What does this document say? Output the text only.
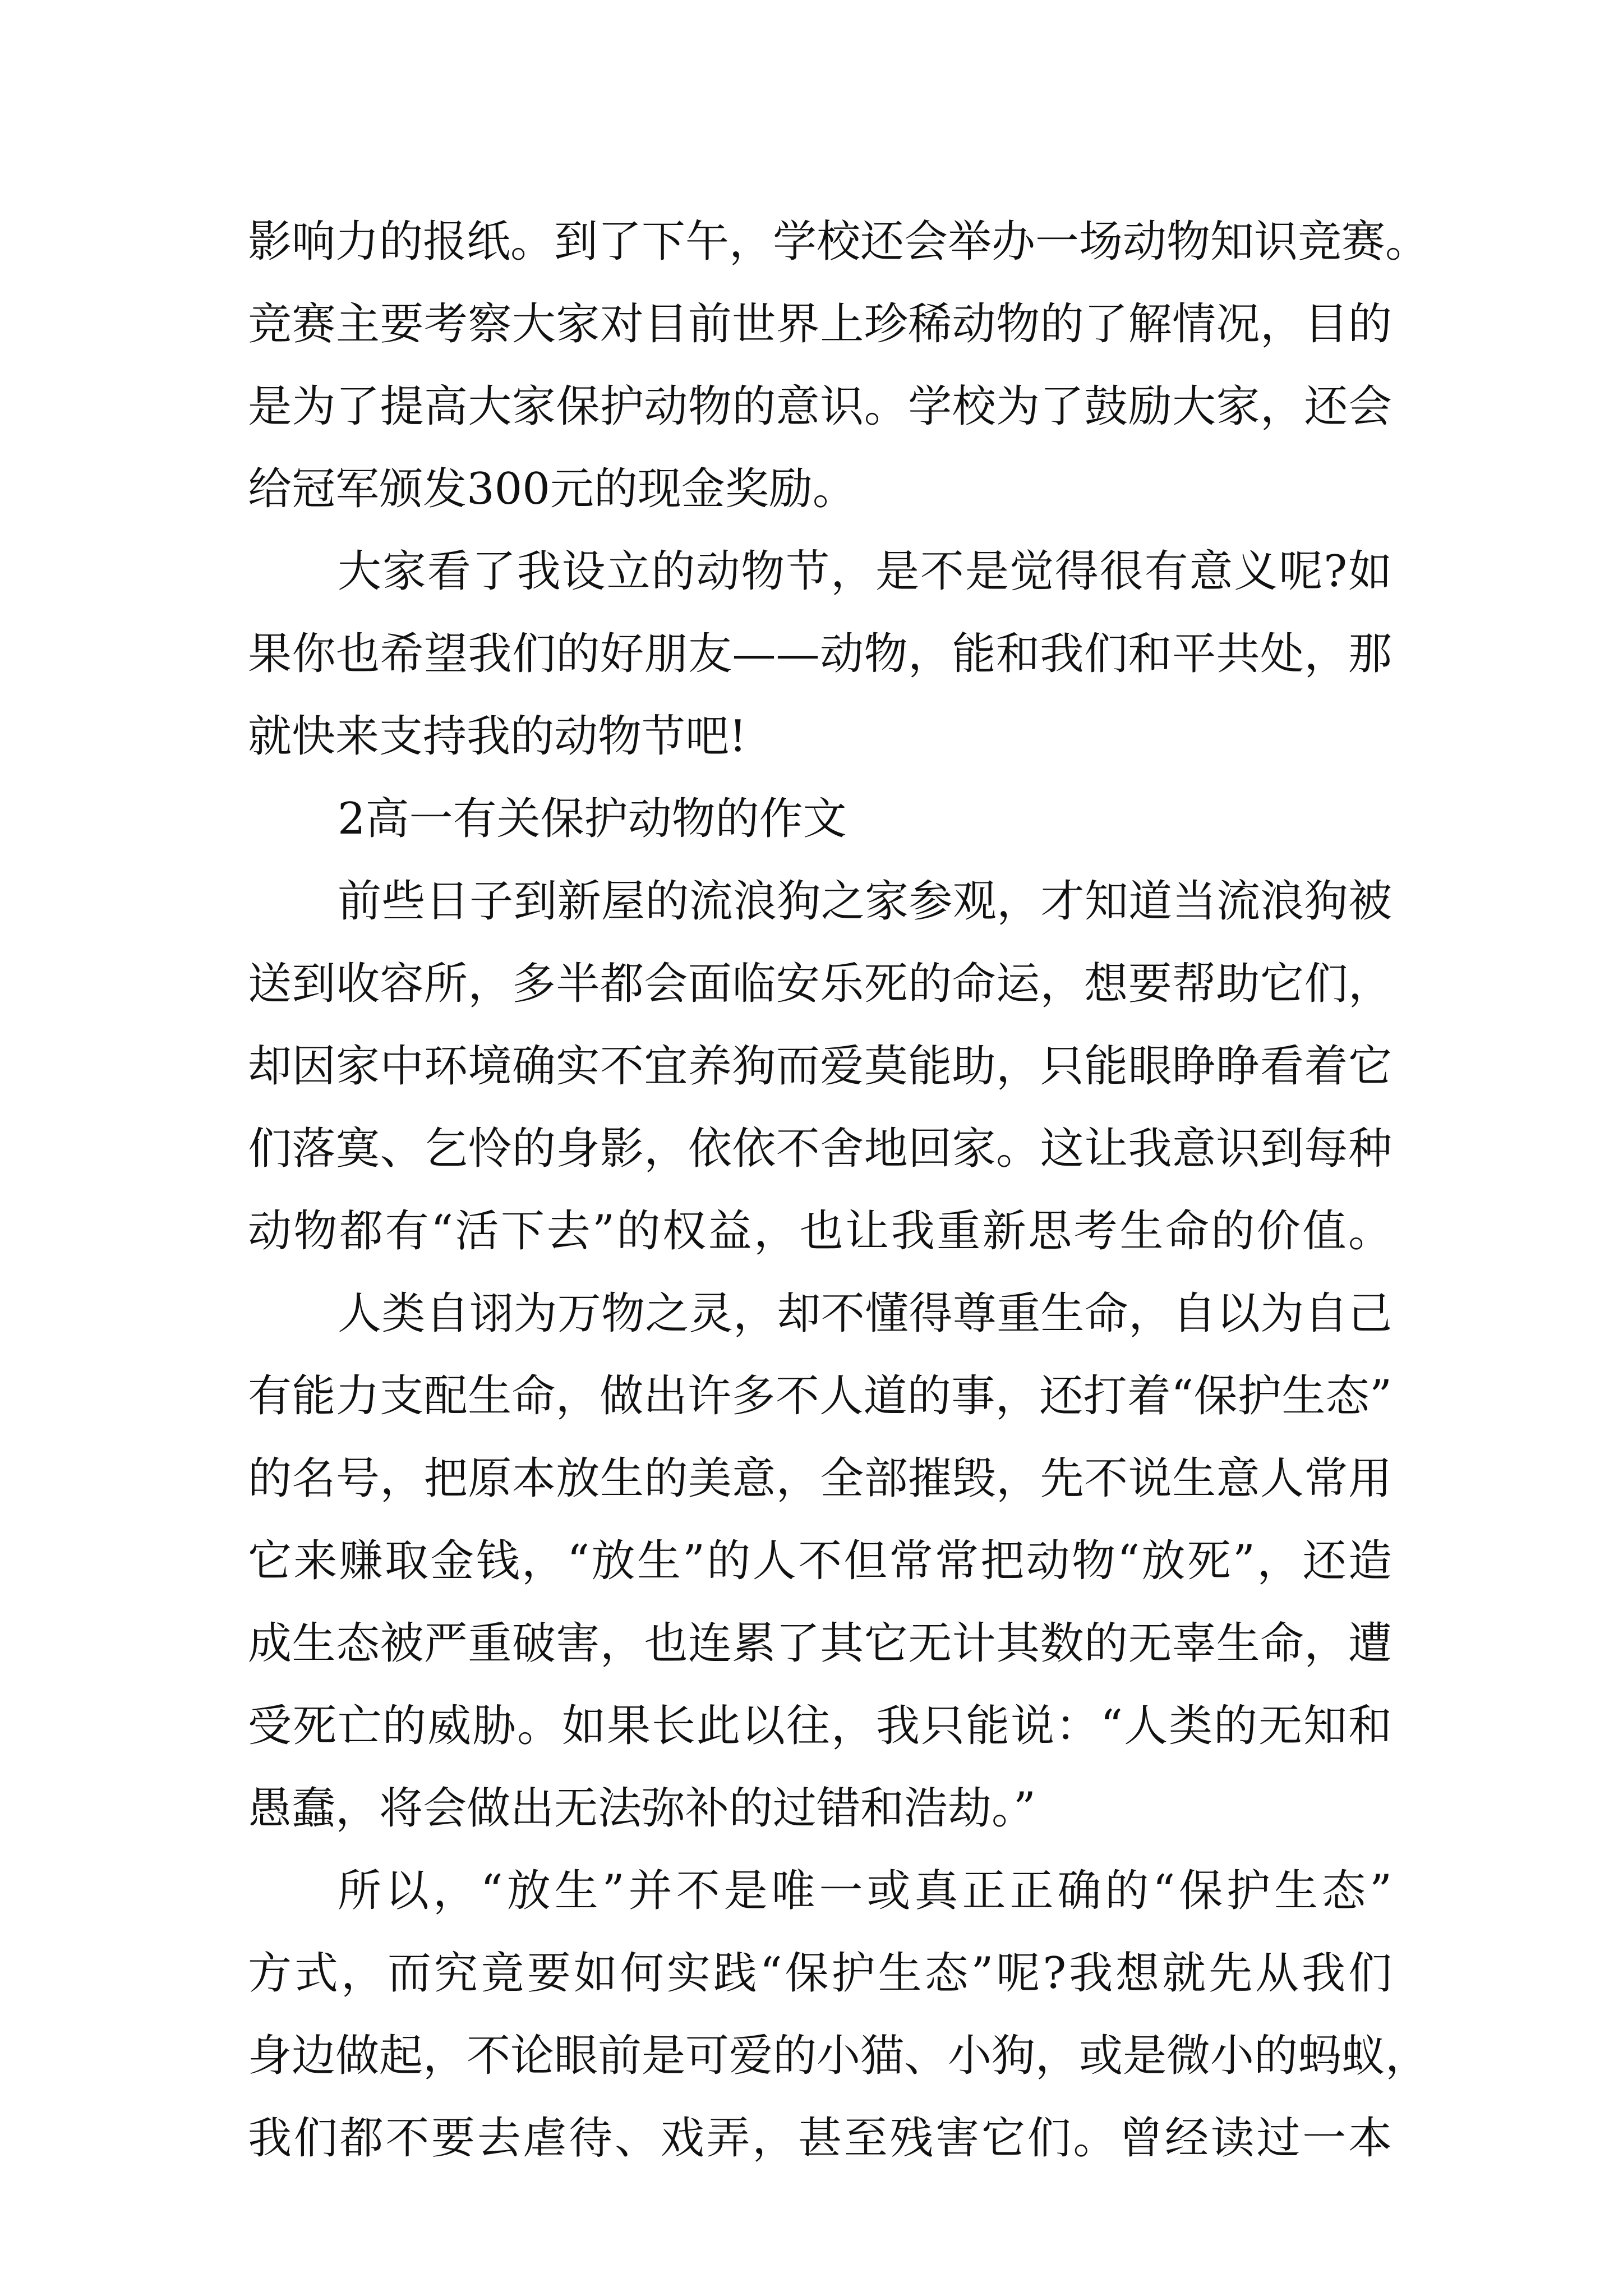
影响力的报纸。到了下午，学校还会举办一场动物知识竞赛。
竞赛主要考察大家对目前世界上珍稀动物的了解情况，目的
是为了提高大家保护动物的意识。学校为了鼓励大家，还会
给冠军颁发300元的现金奖励。
大家看了我设立的动物节，是不是觉得很有意义呢?如
果你也希望我们的好朋友——动物，能和我们和平共处，那
就快来支持我的动物节吧!
2高一有关保护动物的作文
前些日子到新屋的流浪狗之家参观，才知道当流浪狗被
送到收容所，多半都会面临安乐死的命运，想要帮助它们，
却因家中环境确实不宜养狗而爱莫能助，只能眼睁睁看着它
们落寞、乞怜的身影，依依不舍地回家。这让我意识到每种
动物都有“活下去”的权益，也让我重新思考生命的价值。
人类自诩为万物之灵，却不懂得尊重生命，自以为自己
有能力支配生命，做出许多不人道的事，还打着“保护生态”
的名号，把原本放生的美意，全部摧毁，先不说生意人常用
它来赚取金钱，“放生”的人不但常常把动物“放死”，还造
成生态被严重破害，也连累了其它无计其数的无辜生命，遭
受死亡的威胁。如果长此以往，我只能说：“人类的无知和
愚蠢，将会做出无法弥补的过错和浩劫。”
所以，“放生”并不是唯一或真正正确的“保护生态”
方式，而究竟要如何实践“保护生态”呢?我想就先从我们
身边做起，不论眼前是可爱的小猫、小狗，或是微小的蚂蚁，
我们都不要去虐待、戏弄，甚至残害它们。曾经读过一本
